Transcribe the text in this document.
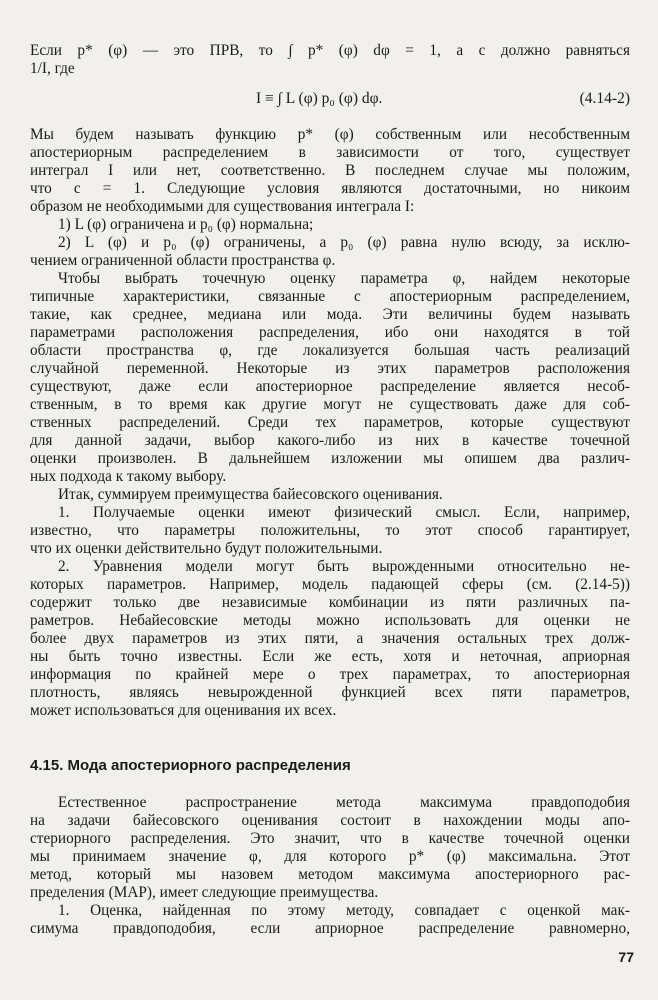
Если p* (φ) — это ПРВ, то ∫ p* (φ) dφ = 1, а c должно равняться
1/I, где
I ≡ ∫ L (φ) p₀ (φ) dφ.	(4.14-2)
Мы будем называть функцию p* (φ) собственным или несобственным
апостериорным распределением в зависимости от того, существует
интеграл I или нет, соответственно. В последнем случае мы положим,
что c = 1. Следующие условия являются достаточными, но никоим
образом не необходимыми для существования интеграла I:
1) L (φ) ограничена и p₀ (φ) нормальна;
2) L (φ) и p₀ (φ) ограничены, а p₀ (φ) равна нулю всюду, за исклю-
чением ограниченной области пространства φ.
Чтобы выбрать точечную оценку параметра φ, найдем некоторые
типичные характеристики, связанные с апостериорным распределением,
такие, как среднее, медиана или мода. Эти величины будем называть
параметрами расположения распределения, ибо они находятся в той
области пространства φ, где локализуется большая часть реализаций
случайной переменной. Некоторые из этих параметров расположения
существуют, даже если апостериорное распределение является несоб-
ственным, в то время как другие могут не существовать даже для соб-
ственных распределений. Среди тех параметров, которые существуют
для данной задачи, выбор какого-либо из них в качестве точечной
оценки произволен. В дальнейшем изложении мы опишем два различ-
ных подхода к такому выбору.
Итак, суммируем преимущества байесовского оценивания.
1. Получаемые оценки имеют физический смысл. Если, например,
известно, что параметры положительны, то этот способ гарантирует,
что их оценки действительно будут положительными.
2. Уравнения модели могут быть вырожденными относительно не-
которых параметров. Например, модель падающей сферы (см. (2.14-5))
содержит только две независимые комбинации из пяти различных па-
раметров. Небайесовские методы можно использовать для оценки не
более двух параметров из этих пяти, а значения остальных трех долж-
ны быть точно известны. Если же есть, хотя и неточная, априорная
информация по крайней мере о трех параметрах, то апостериорная
плотность, являясь невырожденной функцией всех пяти параметров,
может использоваться для оценивания их всех.
4.15. Мода апостериорного распределения
Естественное распространение метода максимума правдоподобия
на задачи байесовского оценивания состоит в нахождении моды апо-
стериорного распределения. Это значит, что в качестве точечной оценки
мы принимаем значение φ, для которого p* (φ) максимальна. Этот
метод, который мы назовем методом максимума апостериорного рас-
пределения (MAP), имеет следующие преимущества.
1. Оценка, найденная по этому методу, совпадает с оценкой мак-
симума правдоподобия, если априорное распределение равномерно,
77
